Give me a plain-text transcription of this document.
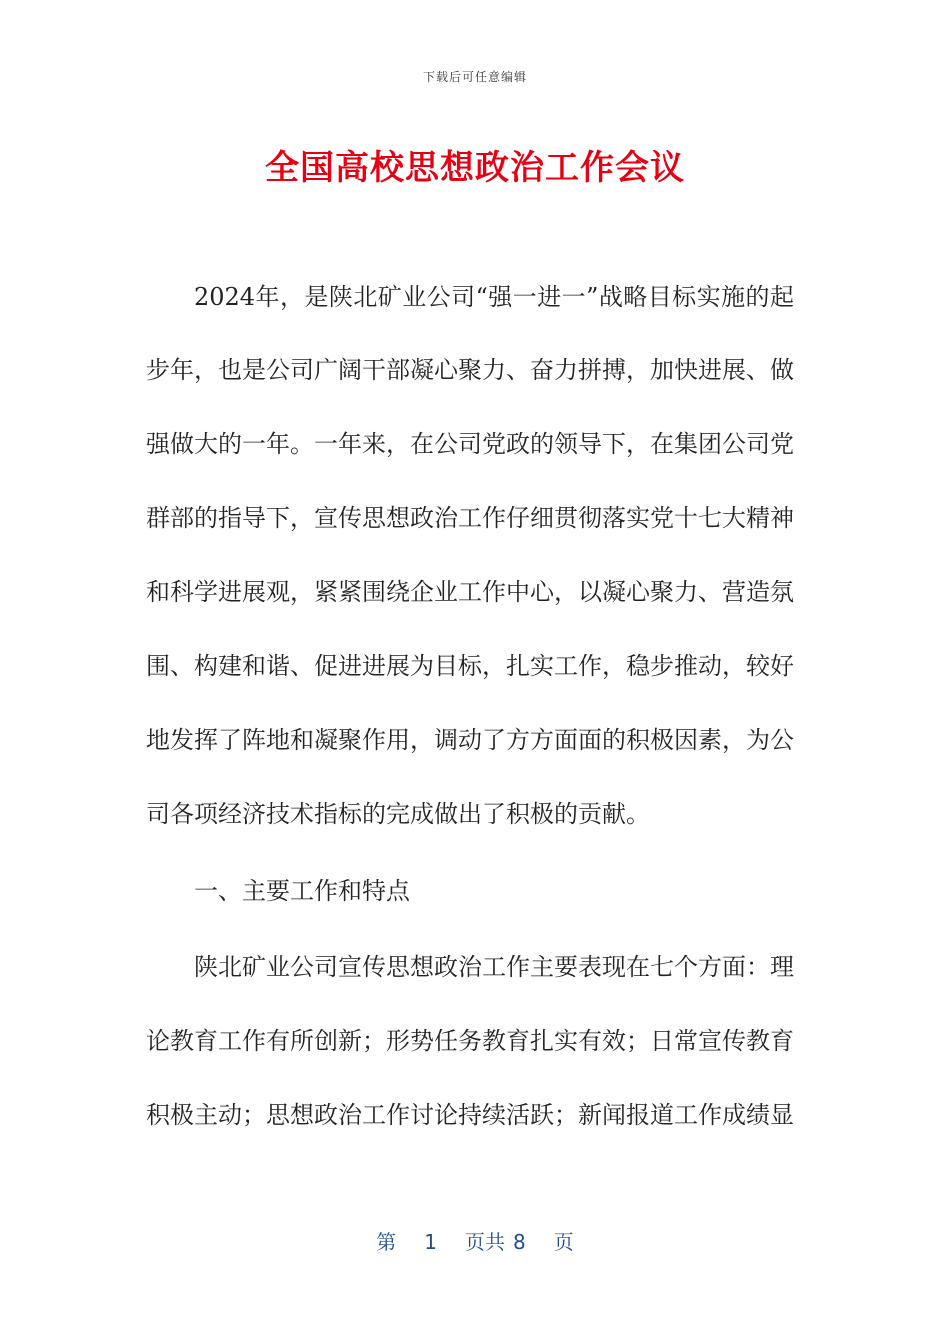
下载后可任意编辑
全国高校思想政治工作会议
2024年，是陕北矿业公司“强一进一”战略目标实施的起
步年，也是公司广阔干部凝心聚力、奋力拼搏，加快进展、做
强做大的一年。一年来，在公司党政的领导下，在集团公司党
群部的指导下，宣传思想政治工作仔细贯彻落实党十七大精神
和科学进展观，紧紧围绕企业工作中心，以凝心聚力、营造氛
围、构建和谐、促进进展为目标，扎实工作，稳步推动，较好
地发挥了阵地和凝聚作用，调动了方方面面的积极因素，为公
司各项经济技术指标的完成做出了积极的贡献。
一、主要工作和特点
陕北矿业公司宣传思想政治工作主要表现在七个方面：理
论教育工作有所创新；形势任务教育扎实有效；日常宣传教育
积极主动；思想政治工作讨论持续活跃；新闻报道工作成绩显
第 1 页共 8 页
